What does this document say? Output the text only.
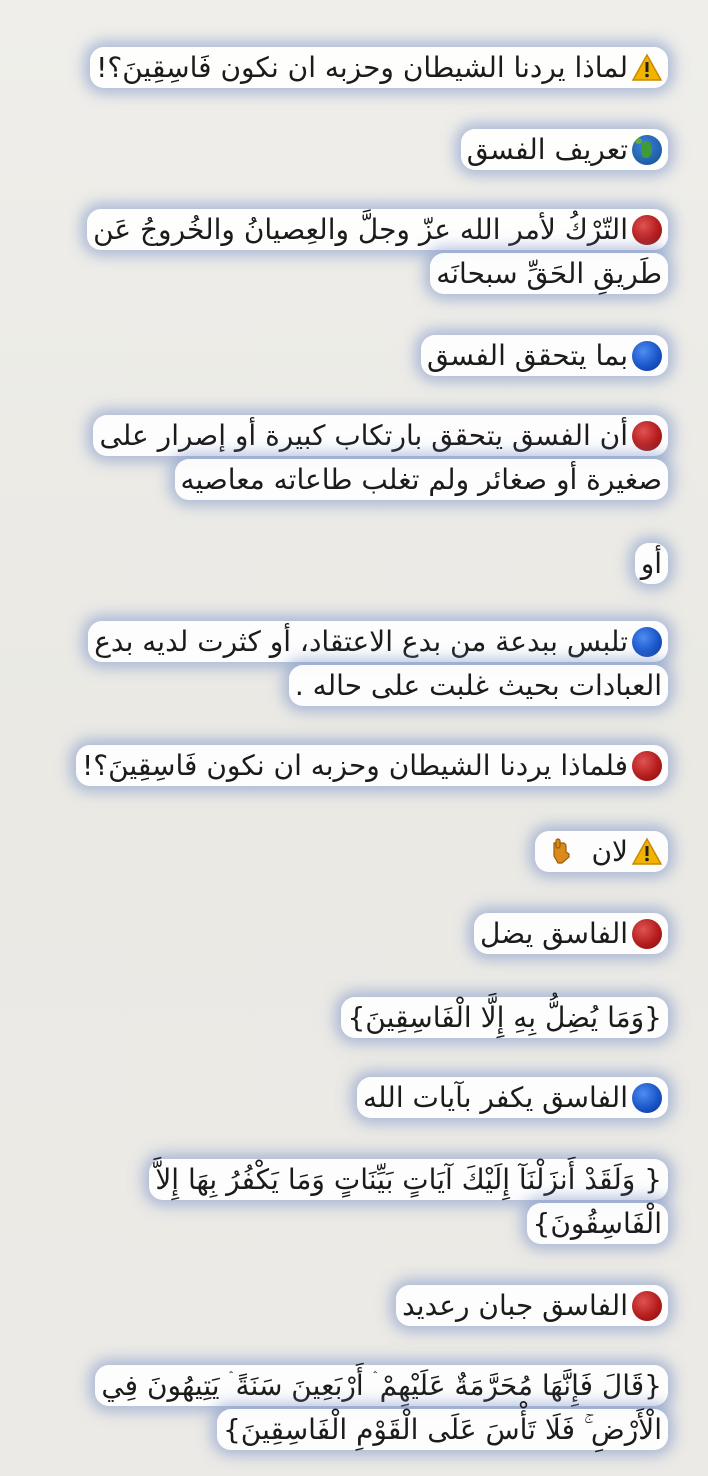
لماذا يردنا الشيطان وحزبه ان نكون فَاسِقِينَ؟!
تعريف الفسق
التّرْكُ لأمر الله عزّ وجلَّ والعِصيانُ والخُروجُ عَن طَريقِ الحَقِّ سبحانَه
بما يتحقق الفسق
أن الفسق يتحقق بارتكاب كبيرة أو إصرار على صغيرة أو صغائر ولم تغلب طاعاته معاصيه
أو
تلبس ببدعة من بدع الاعتقاد، أو كثرت لديه بدع العبادات بحيث غلبت على حاله .
فلماذا يردنا الشيطان وحزبه ان نكون فَاسِقِينَ؟!
لان
الفاسق يضل
{وَمَا يُضِلُّ بِهِ إِلَّا الْفَاسِقِينَ}
الفاسق يكفر بآيات الله
{ وَلَقَدْ أَنزَلْنَآ إِلَيْكَ آيَاتٍ بَيِّنَاتٍ وَمَا يَكْفُرُ بِهَا إِلاَّ الْفَاسِقُونَ}
الفاسق جبان رعديد
{قَالَ فَإِنَّهَا مُحَرَّمَةٌ عَلَيْهِمْ ۛ أَرْبَعِينَ سَنَةً ۛ يَتِيهُونَ فِي الْأَرْضِ ۚ فَلَا تَأْسَ عَلَى الْقَوْمِ الْفَاسِقِينَ}
